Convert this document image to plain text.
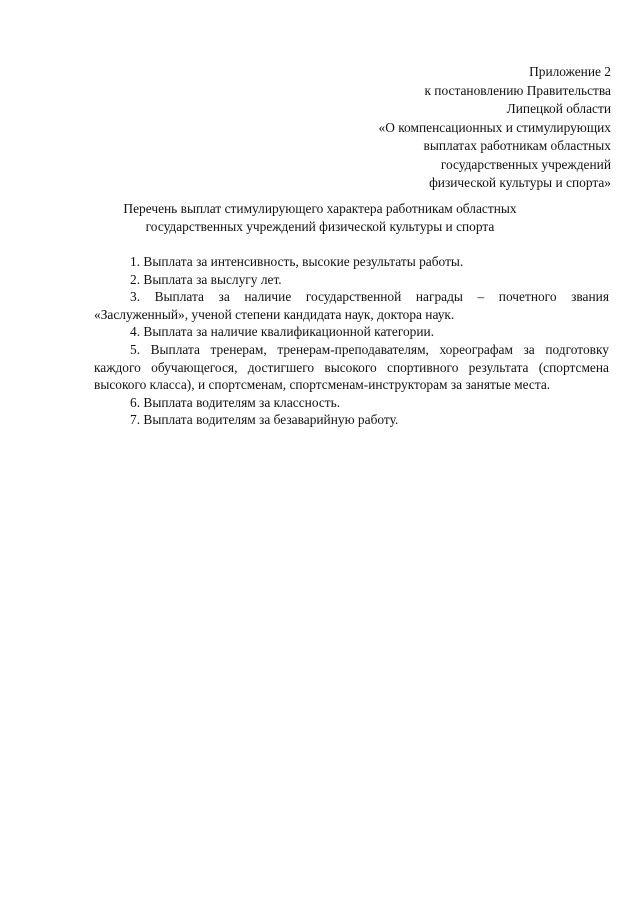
Приложение 2
к постановлению Правительства
Липецкой области
«О компенсационных и стимулирующих
выплатах работникам областных
государственных учреждений
физической культуры и спорта»
Перечень выплат стимулирующего характера работникам областных
государственных учреждений физической культуры и спорта
1. Выплата за интенсивность, высокие результаты работы.
2. Выплата за выслугу лет.
3. Выплата за наличие государственной награды – почетного звания «Заслуженный», ученой степени кандидата наук, доктора наук.
4. Выплата за наличие квалификационной категории.
5. Выплата тренерам, тренерам-преподавателям, хореографам за подготовку каждого обучающегося, достигшего высокого спортивного результата (спортсмена высокого класса), и спортсменам, спортсменам-инструкторам за занятые места.
6. Выплата водителям за классность.
7. Выплата водителям за безаварийную работу.
